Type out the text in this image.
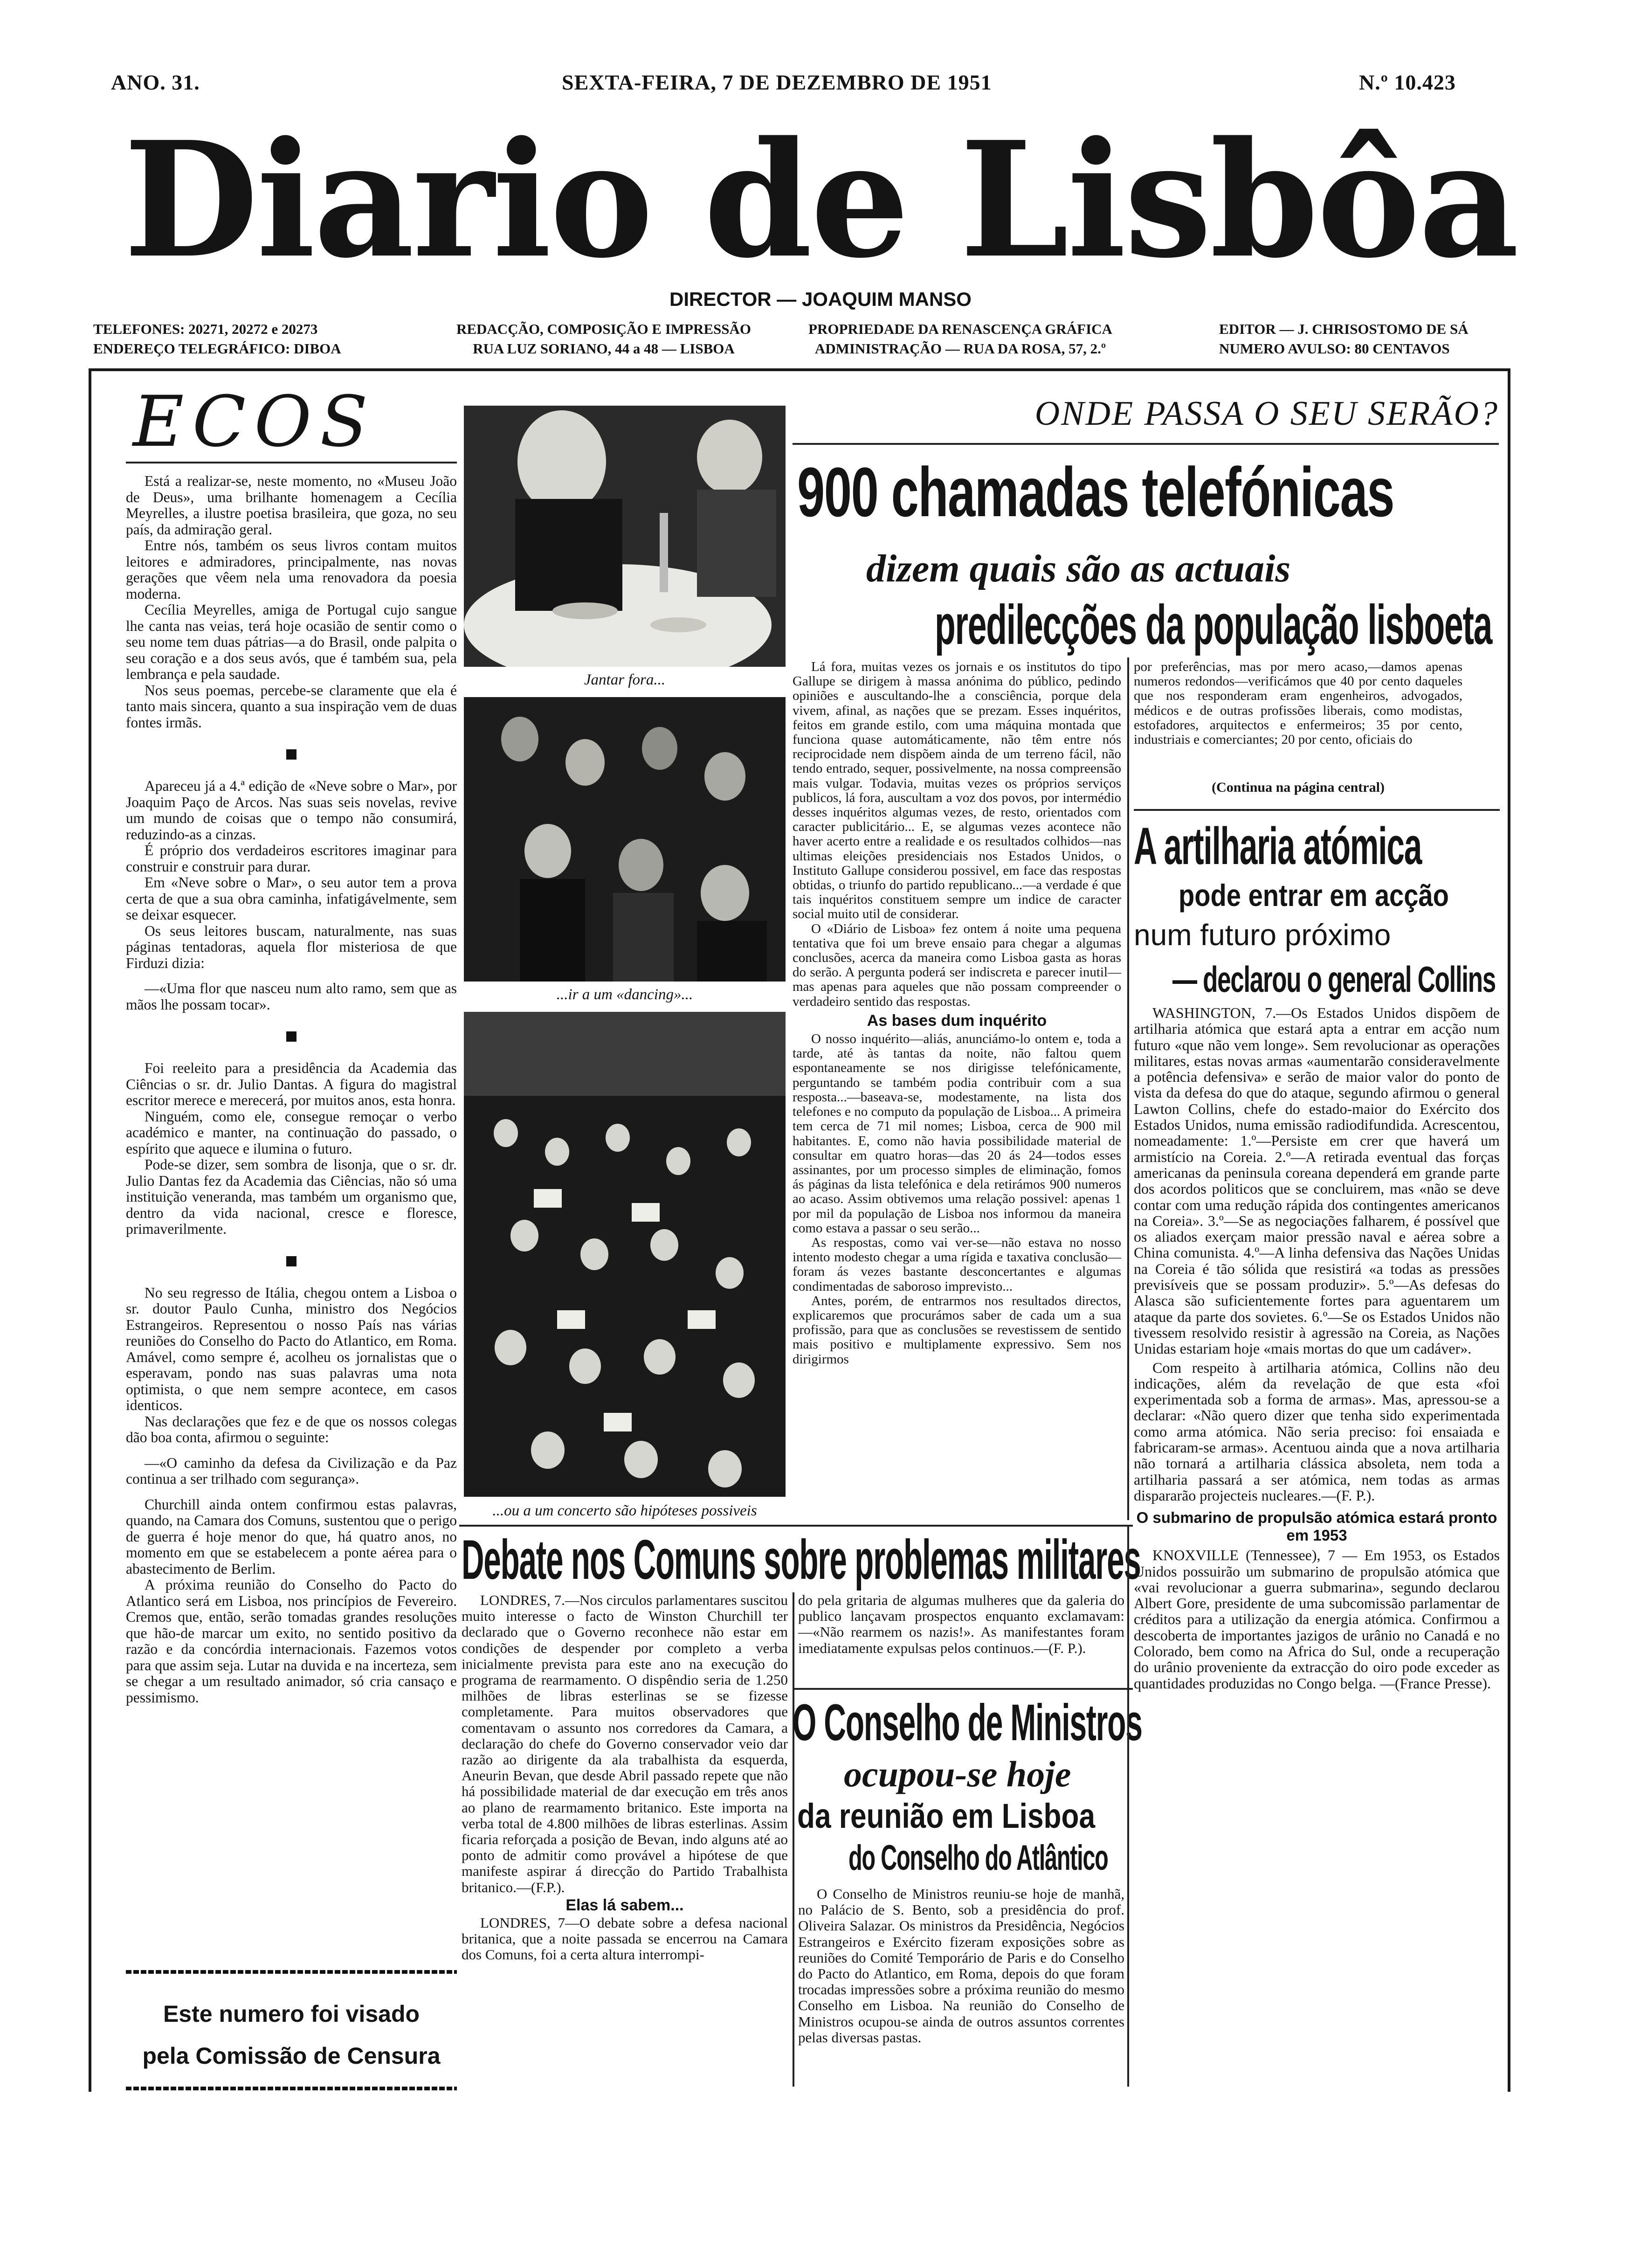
ANO. 31.	SEXTA-FEIRA, 7 DE DEZEMBRO DE 1951	N.º 10.423
Diario de Lisbôa
DIRECTOR — JOAQUIM MANSO
TELEFONES: 20271, 20272 e 20273
ENDEREÇO TELEGRÁFICO: DIBOA
REDACÇÃO, COMPOSIÇÃO E IMPRESSÃO
RUA LUZ SORIANO, 44 a 48 — LISBOA
PROPRIEDADE DA RENASCENÇA GRÁFICA
ADMINISTRAÇÃO — RUA DA ROSA, 57, 2.º
EDITOR — J. CHRISOSTOMO DE SÁ
NUMERO AVULSO: 80 CENTAVOS
ECOS

Está a realizar-se, neste momento, no «Museu João de Deus», uma brilhante homenagem a Cecília Meyrelles, a ilustre poetisa brasileira, que goza, no seu país, da admiração geral.

Entre nós, também os seus livros contam muitos leitores e admiradores, principalmente, nas novas gerações que vêem nela uma renovadora da poesia moderna.

Cecília Meyrelles, amiga de Portugal cujo sangue lhe canta nas veias, terá hoje ocasião de sentir como o seu nome tem duas pátrias—a do Brasil, onde palpita o seu coração e a dos seus avós, que é também sua, pela lembrança e pela saudade.

Nos seus poemas, percebe-se claramente que ela é tanto mais sincera, quanto a sua inspiração vem de duas fontes irmãs.

Apareceu já a 4.ª edição de «Neve sobre o Mar», por Joaquim Paço de Arcos. Nas suas seis novelas, revive um mundo de coisas que o tempo não consumirá, reduzindo-as a cinzas.

É próprio dos verdadeiros escritores imaginar para construir e construir para durar.

Em «Neve sobre o Mar», o seu autor tem a prova certa de que a sua obra caminha, infatigávelmente, sem se deixar esquecer.

Os seus leitores buscam, naturalmente, nas suas páginas tentadoras, aquela flor misteriosa de que Firduzi dizia:

—«Uma flor que nasceu num alto ramo, sem que as mãos lhe possam tocar».

Foi reeleito para a presidência da Academia das Ciências o sr. dr. Julio Dantas. A figura do magistral escritor merece e merecerá, por muitos anos, esta honra.

Ninguém, como ele, consegue remoçar o verbo académico e manter, na continuação do passado, o espírito que aquece e ilumina o futuro.

Pode-se dizer, sem sombra de lisonja, que o sr. dr. Julio Dantas fez da Academia das Ciências, não só uma instituição veneranda, mas também um organismo que, dentro da vida nacional, cresce e floresce, primaverilmente.

No seu regresso de Itália, chegou ontem a Lisboa o sr. doutor Paulo Cunha, ministro dos Negócios Estrangeiros. Representou o nosso País nas várias reuniões do Conselho do Pacto do Atlantico, em Roma. Amável, como sempre é, acolheu os jornalistas que o esperavam, pondo nas suas palavras uma nota optimista, o que nem sempre acontece, em casos identicos.

Nas declarações que fez e de que os nossos colegas dão boa conta, afirmou o seguinte:

—«O caminho da defesa da Civilização e da Paz continua a ser trilhado com segurança».

Churchill ainda ontem confirmou estas palavras, quando, na Camara dos Comuns, sustentou que o perigo de guerra é hoje menor do que, há quatro anos, no momento em que se estabelecem a ponte aérea para o abastecimento de Berlim.

A próxima reunião do Conselho do Pacto do Atlantico será em Lisboa, nos princípios de Fevereiro. Cremos que, então, serão tomadas grandes resoluções que hão-de marcar um exito, no sentido positivo da razão e da concórdia internacionais. Fazemos votos para que assim seja. Lutar na duvida e na incerteza, sem se chegar a um resultado animador, só cria cansaço e pessimismo.

Este numero foi visado
pela Comissão de Censura
Jantar fora...
...ir a um «dancing»...
...ou a um concerto são hipóteses possiveis
ONDE PASSA O SEU SERÃO?
900 chamadas telefónicas
dizem quais são as actuais
predilecções da população lisboeta

Lá fora, muitas vezes os jornais e os institutos do tipo Gallupe se dirigem à massa anónima do público, pedindo opiniões e auscultando-lhe a consciência, porque dela vivem, afinal, as nações que se prezam. Esses inquéritos, feitos em grande estilo, com uma máquina montada que funciona quase automáticamente, não têm entre nós reciprocidade nem dispõem ainda de um terreno fácil, não tendo entrado, sequer, possivelmente, na nossa compreensão mais vulgar. Todavia, muitas vezes os próprios serviços publicos, lá fora, auscultam a voz dos povos, por intermédio desses inquéritos algumas vezes, de resto, orientados com caracter publicitário... E, se algumas vezes acontece não haver acerto entre a realidade e os resultados colhidos—nas ultimas eleições presidenciais nos Estados Unidos, o Instituto Gallupe considerou possivel, em face das respostas obtidas, o triunfo do partido republicano...—a verdade é que tais inquéritos constituem sempre um indice de caracter social muito util de considerar.

O «Diário de Lisboa» fez ontem á noite uma pequena tentativa que foi um breve ensaio para chegar a algumas conclusões, acerca da maneira como Lisboa gasta as horas do serão. A pergunta poderá ser indiscreta e parecer inutil—mas apenas para aqueles que não possam compreender o verdadeiro sentido das respostas.

As bases dum inquérito

O nosso inquérito—aliás, anunciámo-lo ontem e, toda a tarde, até às tantas da noite, não faltou quem espontaneamente se nos dirigisse telefónicamente, perguntando se também podia contribuir com a sua resposta...—baseava-se, modestamente, na lista dos telefones e no computo da população de Lisboa... A primeira tem cerca de 71 mil nomes; Lisboa, cerca de 900 mil habitantes. E, como não havia possibilidade material de consultar em quatro horas—das 20 ás 24—todos esses assinantes, por um processo simples de eliminação, fomos ás páginas da lista telefónica e dela retirámos 900 numeros ao acaso. Assim obtivemos uma relação possivel: apenas 1 por mil da população de Lisboa nos informou da maneira como estava a passar o seu serão...

As respostas, como vai ver-se—não estava no nosso intento modesto chegar a uma rígida e taxativa conclusão—foram ás vezes bastante desconcertantes e algumas condimentadas de saboroso imprevisto...

Antes, porém, de entrarmos nos resultados directos, explicaremos que procurámos saber de cada um a sua profissão, para que as conclusões se revestissem de sentido mais positivo e multiplamente expressivo. Sem nos dirigirmos

por preferências, mas por mero acaso,—damos apenas numeros redondos—verificámos que 40 por cento daqueles que nos responderam eram engenheiros, advogados, médicos e de outras profissões liberais, como modistas, estofadores, arquitectos e enfermeiros; 35 por cento, industriais e comerciantes; 20 por cento, oficiais do

(Continua na página central)
A artilharia atómica
pode entrar em acção
num futuro próximo
— declarou o general Collins

WASHINGTON, 7.—Os Estados Unidos dispõem de artilharia atómica que estará apta a entrar em acção num futuro «que não vem longe». Sem revolucionar as operações militares, estas novas armas «aumentarão consideravelmente a potência defensiva» e serão de maior valor do ponto de vista da defesa do que do ataque, segundo afirmou o general Lawton Collins, chefe do estado-maior do Exército dos Estados Unidos, numa emissão radiodifundida. Acrescentou, nomeadamente: 1.º—Persiste em crer que haverá um armistício na Coreia. 2.º—A retirada eventual das forças americanas da peninsula coreana dependerá em grande parte dos acordos politicos que se concluirem, mas «não se deve contar com uma redução rápida dos contingentes americanos na Coreia». 3.º—Se as negociações falharem, é possível que os aliados exerçam maior pressão naval e aérea sobre a China comunista. 4.º—A linha defensiva das Nações Unidas na Coreia é tão sólida que resistirá «a todas as pressões previsíveis que se possam produzir». 5.º—As defesas do Alasca são suficientemente fortes para aguentarem um ataque da parte dos sovietes. 6.º—Se os Estados Unidos não tivessem resolvido resistir à agressão na Coreia, as Nações Unidas estariam hoje «mais mortas do que um cadáver».

Com respeito à artilharia atómica, Collins não deu indicações, além da revelação de que esta «foi experimentada sob a forma de armas». Mas, apressou-se a declarar: «Não quero dizer que tenha sido experimentada como arma atómica. Não seria preciso: foi ensaiada e fabricaram-se armas». Acentuou ainda que a nova artilharia não tornará a artilharia clássica absoleta, nem toda a artilharia passará a ser atómica, nem todas as armas dispararão projecteis nucleares.—(F. P.).

O submarino de propulsão atómica estará pronto em 1953

KNOXVILLE (Tennessee), 7 — Em 1953, os Estados Unidos possuirão um submarino de propulsão atómica que «vai revolucionar a guerra submarina», segundo declarou Albert Gore, presidente de uma subcomissão parlamentar de créditos para a utilização da energia atómica. Confirmou a descoberta de importantes jazigos de urânio no Canadá e no Colorado, bem como na Africa do Sul, onde a recuperação do urânio proveniente da extracção do oiro pode exceder as quantidades produzidas no Congo belga. —(France Presse).

Debate nos Comuns sobre problemas militares

LONDRES, 7.—Nos circulos parlamentares suscitou muito interesse o facto de Winston Churchill ter declarado que o Governo reconhece não estar em condições de despender por completo a verba inicialmente prevista para este ano na execução do programa de rearmamento. O dispêndio seria de 1.250 milhões de libras esterlinas se se fizesse completamente. Para muitos observadores que comentavam o assunto nos corredores da Camara, a declaração do chefe do Governo conservador veio dar razão ao dirigente da ala trabalhista da esquerda, Aneurin Bevan, que desde Abril passado repete que não há possibilidade material de dar execução em três anos ao plano de rearmamento britanico. Este importa na verba total de 4.800 milhões de libras esterlinas. Assim ficaria reforçada a posição de Bevan, indo alguns até ao ponto de admitir como provável a hipótese de que manifeste aspirar á direcção do Partido Trabalhista britanico.—(F.P.).

Elas lá sabem...

LONDRES, 7—O debate sobre a defesa nacional britanica, que a noite passada se encerrou na Camara dos Comuns, foi a certa altura interrompi-

do pela gritaria de algumas mulheres que da galeria do publico lançavam prospectos enquanto exclamavam:—«Não rearmem os nazis!». As manifestantes foram imediatamente expulsas pelos continuos.—(F. P.).

O Conselho de Ministros
ocupou-se hoje
da reunião em Lisboa
do Conselho do Atlântico

O Conselho de Ministros reuniu-se hoje de manhã, no Palácio de S. Bento, sob a presidência do prof. Oliveira Salazar. Os ministros da Presidência, Negócios Estrangeiros e Exército fizeram exposições sobre as reuniões do Comité Temporário de Paris e do Conselho do Pacto do Atlantico, em Roma, depois do que foram trocadas impressões sobre a próxima reunião do mesmo Conselho em Lisboa. Na reunião do Conselho de Ministros ocupou-se ainda de outros assuntos correntes pelas diversas pastas.
